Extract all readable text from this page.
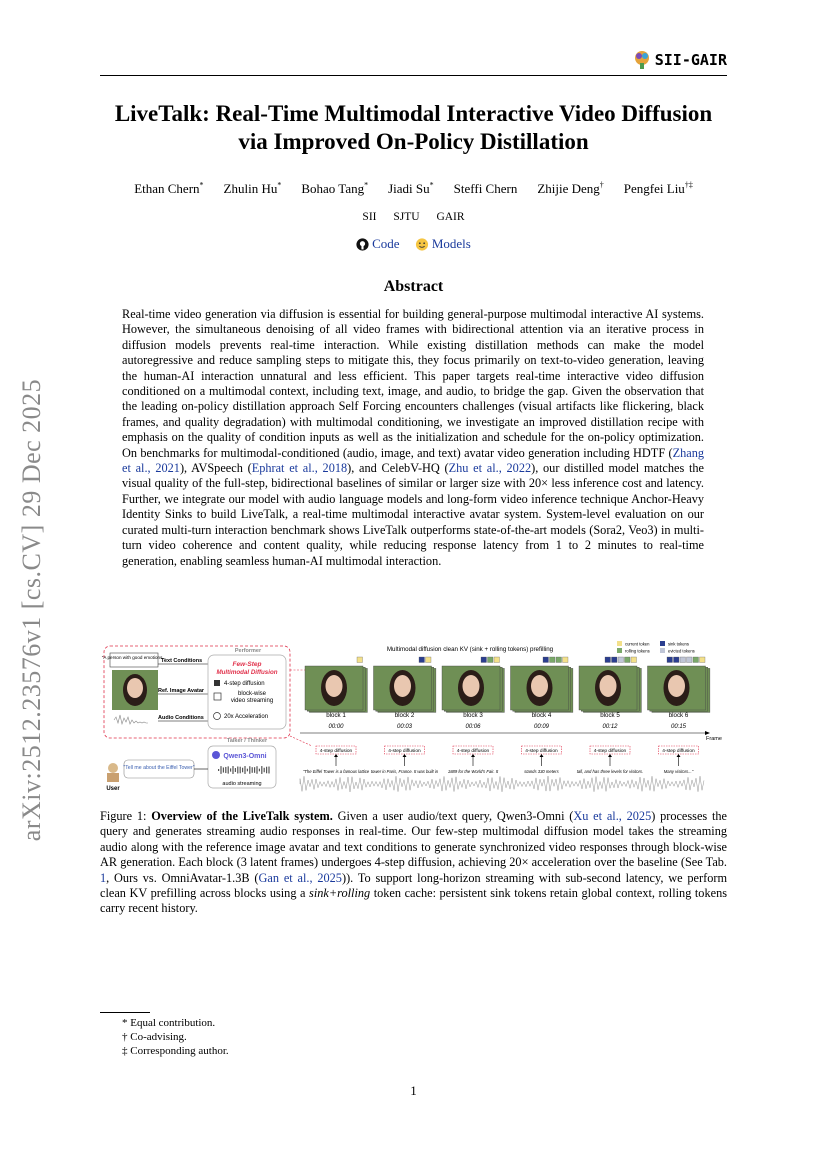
arXiv:2512.23576v1 [cs.CV] 29 Dec 2025
SII-GAIR
LiveTalk: Real-Time Multimodal Interactive Video Diffusion
via Improved On-Policy Distillation
Ethan Chern* Zhulin Hu* Bohao Tang* Jiadi Su* Steffi Chern Zhijie Deng† Pengfei Liu†‡
SII SJTU GAIR
Code
Models
Abstract
Real-time video generation via diffusion is essential for building general-purpose multimodal interactive AI systems. However, the simultaneous denoising of all video frames with bidirectional attention via an iterative process in diffusion models prevents real-time interaction. While existing distillation methods can make the model autoregressive and reduce sampling steps to mitigate this, they focus primarily on text-to-video generation, leaving the human-AI interaction unnatural and less efficient. This paper targets real-time interactive video diffusion conditioned on a multimodal context, including text, image, and audio, to bridge the gap. Given the observation that the leading on-policy distillation approach Self Forcing encounters challenges (visual artifacts like flickering, black frames, and quality degradation) with multimodal conditioning, we investigate an improved distillation recipe with emphasis on the quality of condition inputs as well as the initialization and schedule for the on-policy optimization. On benchmarks for multimodal-conditioned (audio, image, and text) avatar video generation including HDTF (Zhang et al., 2021), AVSpeech (Ephrat et al., 2018), and CelebV-HQ (Zhu et al., 2022), our distilled model matches the visual quality of the full-step, bidirectional baselines of similar or larger size with 20× less inference cost and latency. Further, we integrate our model with audio language models and long-form video inference technique Anchor-Heavy Identity Sinks to build LiveTalk, a real-time multimodal interactive avatar system. System-level evaluation on our curated multi-turn interaction benchmark shows LiveTalk outperforms state-of-the-art models (Sora2, Veo3) in multi-turn video coherence and content quality, while reducing response latency from 1 to 2 minutes to real-time generation, enabling seamless human-AI multimodal interaction.
"A person with good emotions...
Text Conditions
Ref. Image Avatar
Audio Conditions
Performer
Few-Step
Multimodal Diffusion
4-step diffusion
block-wise
video streaming
20x Acceleration
Talker / Thinker
Qwen3-Omni
audio streaming
User
"Tell me about the Eiffel Tower"
Multimodal diffusion clean KV (sink + rolling tokens) prefilling
current token
rolling tokens
sink tokens
evicted tokens
block 1
00:00
4-step diffusion
"The Eiffel Tower is a famous lattice
block 2
00:03
4-step diffusion
tower in Paris, France. It was built in
block 3
00:06
4-step diffusion
1889 for the World's Fair. It
block 4
00:09
4-step diffusion
stands 330 meters
block 5
00:12
4-step diffusion
tall, and has three levels for visitors.
block 6
00:15
4-step diffusion
Many visitors..."
Frame
Figure 1: Overview of the LiveTalk system. Given a user audio/text query, Qwen3-Omni (Xu et al., 2025) processes the query and generates streaming audio responses in real-time. Our few-step multimodal diffusion model takes the streaming audio along with the reference image avatar and text conditions to generate synchronized video responses through block-wise AR generation. Each block (3 latent frames) undergoes 4-step diffusion, achieving 20× acceleration over the baseline (See Tab. 1, Ours vs. OmniAvatar-1.3B (Gan et al., 2025)). To support long-horizon streaming with sub-second latency, we perform clean KV prefilling across blocks using a sink+rolling token cache: persistent sink tokens retain global context, rolling tokens carry recent history.
* Equal contribution.
† Co-advising.
‡ Corresponding author.
1
